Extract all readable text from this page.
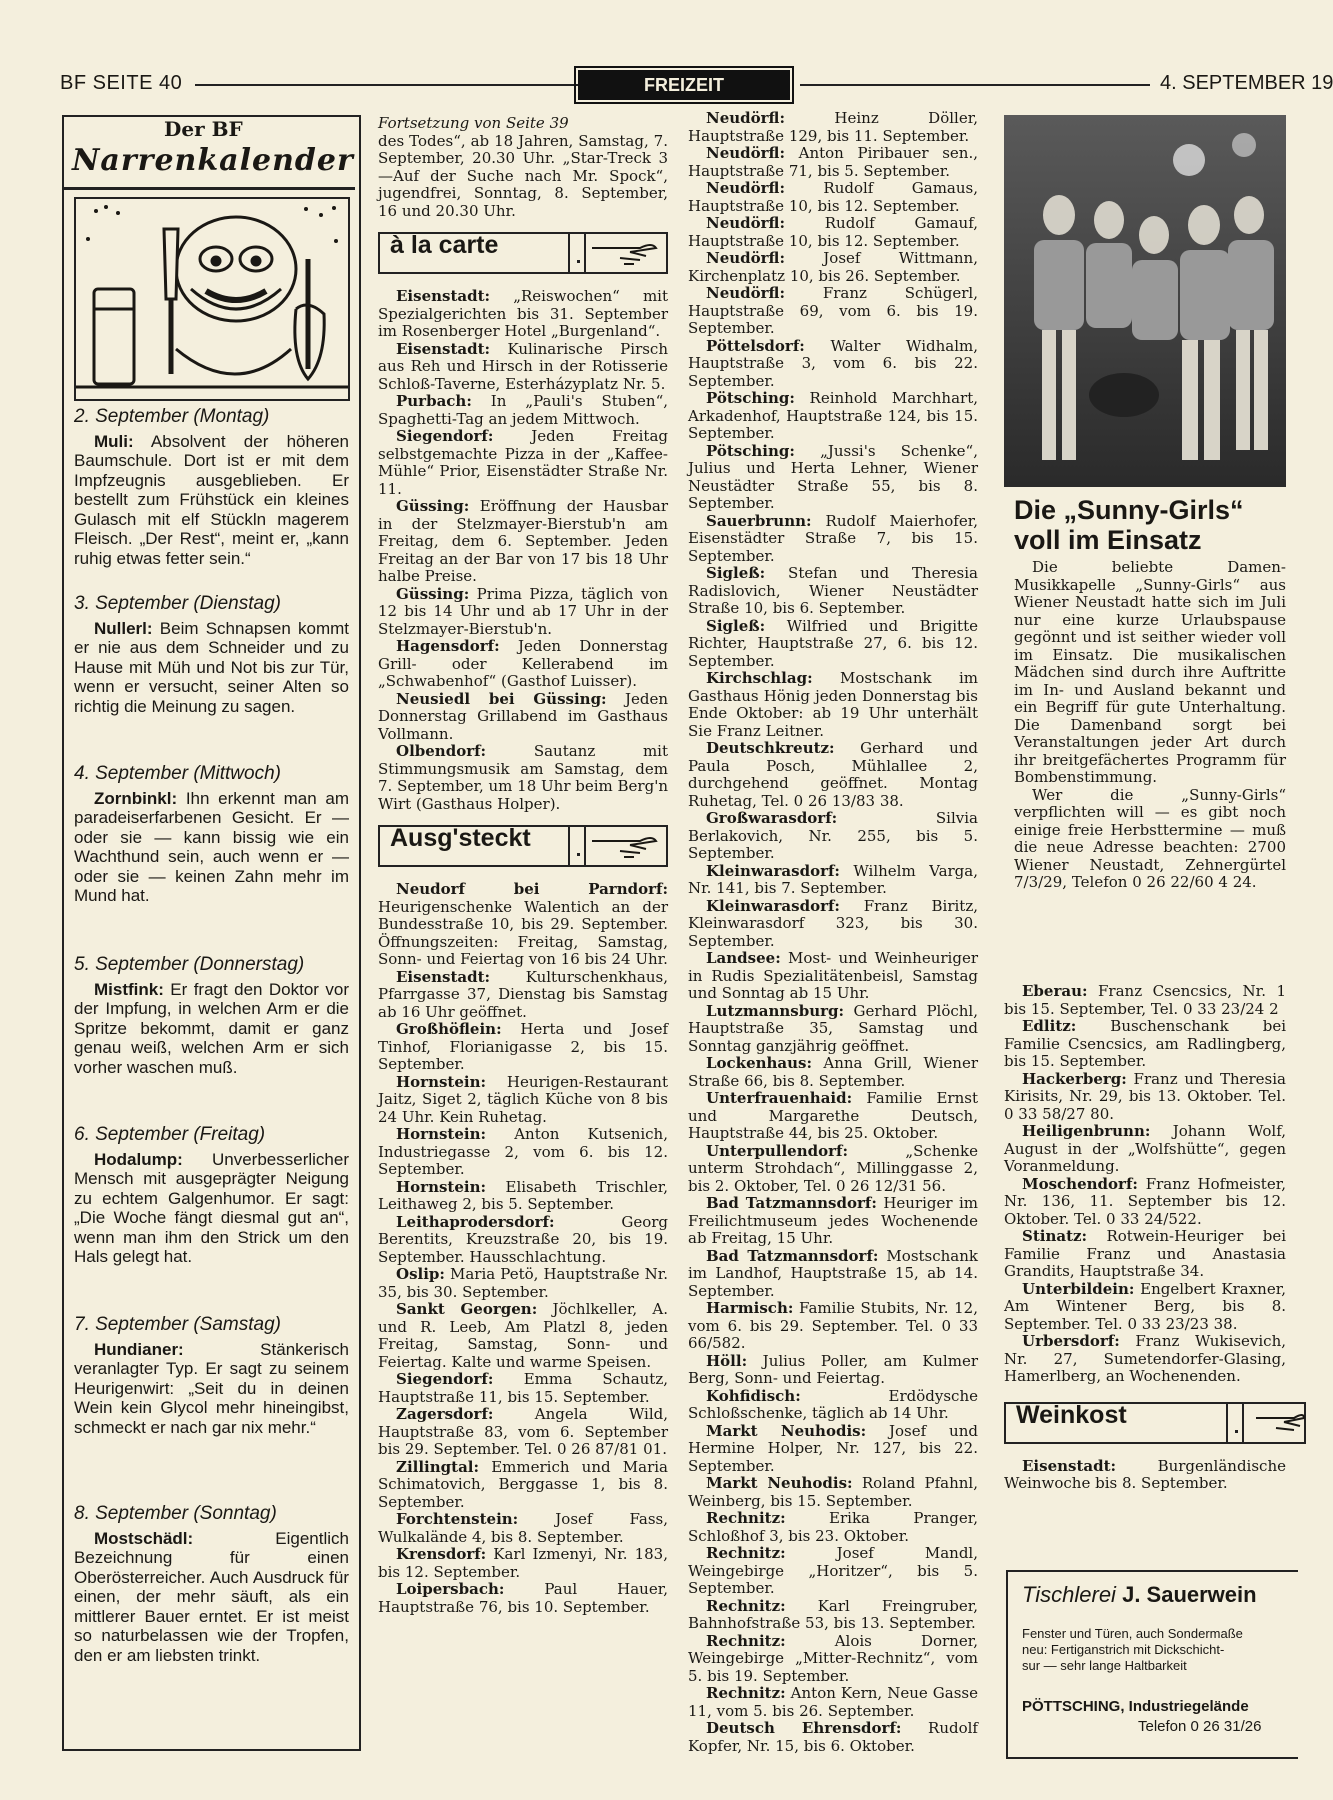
BF SEITE 40	FREIZEIT	4. SEPTEMBER 19
Der BF
Narrenkalender
2. September (Montag)

Muli: Absolvent der höheren Baumschule. Dort ist er mit dem Impfzeugnis ausgeblieben. Er bestellt zum Frühstück ein kleines Gulasch mit elf Stückln magerem Fleisch. „Der Rest“, meint er, „kann ruhig etwas fetter sein.“

3. September (Dienstag)

Nullerl: Beim Schnapsen kommt er nie aus dem Schneider und zu Hause mit Müh und Not bis zur Tür, wenn er versucht, seiner Alten so richtig die Meinung zu sagen.

4. September (Mittwoch)

Zornbinkl: Ihn erkennt man am paradeiserfarbenen Gesicht. Er — oder sie — kann bissig wie ein Wachthund sein, auch wenn er — oder sie — keinen Zahn mehr im Mund hat.

5. September (Donnerstag)

Mistfink: Er fragt den Doktor vor der Impfung, in welchen Arm er die Spritze bekommt, damit er ganz genau weiß, welchen Arm er sich vorher waschen muß.

6. September (Freitag)

Hodalump: Unverbesserlicher Mensch mit ausgeprägter Neigung zu echtem Galgenhumor. Er sagt: „Die Woche fängt diesmal gut an“, wenn man ihm den Strick um den Hals gelegt hat.

7. September (Samstag)

Hundianer: Stänkerisch veranlagter Typ. Er sagt zu seinem Heurigenwirt: „Seit du in deinen Wein kein Glycol mehr hineingibst, schmeckt er nach gar nix mehr.“

8. September (Sonntag)

Mostschädl: Eigentlich Bezeichnung für einen Oberösterreicher. Auch Ausdruck für einen, der mehr säuft, als ein mittlerer Bauer erntet. Er ist meist so naturbelassen wie der Tropfen, den er am liebsten trinkt.

Fortsetzung von Seite 39

des Todes“, ab 18 Jahren, Samstag, 7. September, 20.30 Uhr. „Star-Treck 3 —Auf der Suche nach Mr. Spock“, jugendfrei, Sonntag, 8. September, 16 und 20.30 Uhr.

à la carte

Eisenstadt: „Reiswochen“ mit Spezialgerichten bis 31. September im Rosenberger Hotel „Burgenland“.

Eisenstadt: Kulinarische Pirsch aus Reh und Hirsch in der Rotisserie Schloß-Taverne, Esterházyplatz Nr. 5.

Purbach: In „Pauli's Stuben“, Spaghetti-Tag an jedem Mittwoch.

Siegendorf: Jeden Freitag selbstgemachte Pizza in der „Kaffee-Mühle“ Prior, Eisenstädter Straße Nr. 11.

Güssing: Eröffnung der Hausbar in der Stelzmayer-Bierstub'n am Freitag, dem 6. September. Jeden Freitag an der Bar von 17 bis 18 Uhr halbe Preise.

Güssing: Prima Pizza, täglich von 12 bis 14 Uhr und ab 17 Uhr in der Stelzmayer-Bierstub'n.

Hagensdorf: Jeden Donnerstag Grill- oder Kellerabend im „Schwabenhof“ (Gasthof Luisser).

Neusiedl bei Güssing: Jeden Donnerstag Grillabend im Gasthaus Vollmann.

Olbendorf: Sautanz mit Stimmungsmusik am Samstag, dem 7. September, um 18 Uhr beim Berg'n Wirt (Gasthaus Holper).

Ausg'steckt

Neudorf bei Parndorf: Heurigenschenke Walentich an der Bundesstraße 10, bis 29. September. Öffnungszeiten: Freitag, Samstag, Sonn- und Feiertag von 16 bis 24 Uhr.

Eisenstadt: Kulturschenkhaus, Pfarrgasse 37, Dienstag bis Samstag ab 16 Uhr geöffnet.

Großhöflein: Herta und Josef Tinhof, Florianigasse 2, bis 15. September.

Hornstein: Heurigen-Restaurant Jaitz, Siget 2, täglich Küche von 8 bis 24 Uhr. Kein Ruhetag.

Hornstein: Anton Kutsenich, Industriegasse 2, vom 6. bis 12. September.

Hornstein: Elisabeth Trischler, Leithaweg 2, bis 5. September.

Leithaprodersdorf: Georg Berentits, Kreuzstraße 20, bis 19. September. Hausschlachtung.

Oslip: Maria Petö, Hauptstraße Nr. 35, bis 30. September.

Sankt Georgen: Jöchlkeller, A. und R. Leeb, Am Platzl 8, jeden Freitag, Samstag, Sonn- und Feiertag. Kalte und warme Speisen.

Siegendorf: Emma Schautz, Hauptstraße 11, bis 15. September.

Zagersdorf: Angela Wild, Hauptstraße 83, vom 6. September bis 29. September. Tel. 0 26 87/81 01.

Zillingtal: Emmerich und Maria Schimatovich, Berggasse 1, bis 8. September.

Forchtenstein: Josef Fass, Wulkalände 4, bis 8. September.

Krensdorf: Karl Izmenyi, Nr. 183, bis 12. September.

Loipersbach: Paul Hauer, Hauptstraße 76, bis 10. September.

Neudörfl: Heinz Döller, Hauptstraße 129, bis 11. September.

Neudörfl: Anton Piribauer sen., Hauptstraße 71, bis 5. September.

Neudörfl: Rudolf Gamaus, Hauptstraße 10, bis 12. September.

Neudörfl: Rudolf Gamauf, Hauptstraße 10, bis 12. September.

Neudörfl: Josef Wittmann, Kirchenplatz 10, bis 26. September.

Neudörfl: Franz Schügerl, Hauptstraße 69, vom 6. bis 19. September.

Pöttelsdorf: Walter Widhalm, Hauptstraße 3, vom 6. bis 22. September.

Pötsching: Reinhold Marchhart, Arkadenhof, Hauptstraße 124, bis 15. September.

Pötsching: „Jussi's Schenke“, Julius und Herta Lehner, Wiener Neustädter Straße 55, bis 8. September.

Sauerbrunn: Rudolf Maierhofer, Eisenstädter Straße 7, bis 15. September.

Sigleß: Stefan und Theresia Radislovich, Wiener Neustädter Straße 10, bis 6. September.

Sigleß: Wilfried und Brigitte Richter, Hauptstraße 27, 6. bis 12. September.

Kirchschlag: Mostschank im Gasthaus Hönig jeden Donnerstag bis Ende Oktober: ab 19 Uhr unterhält Sie Franz Leitner.

Deutschkreutz: Gerhard und Paula Posch, Mühlallee 2, durchgehend geöffnet. Montag Ruhetag, Tel. 0 26 13/83 38.

Großwarasdorf: Silvia Berlakovich, Nr. 255, bis 5. September.

Kleinwarasdorf: Wilhelm Varga, Nr. 141, bis 7. September.

Kleinwarasdorf: Franz Biritz, Kleinwarasdorf 323, bis 30. September.

Landsee: Most- und Weinheuriger in Rudis Spezialitätenbeisl, Samstag und Sonntag ab 15 Uhr.

Lutzmannsburg: Gerhard Plöchl, Hauptstraße 35, Samstag und Sonntag ganzjährig geöffnet.

Lockenhaus: Anna Grill, Wiener Straße 66, bis 8. September.

Unterfrauenhaid: Familie Ernst und Margarethe Deutsch, Hauptstraße 44, bis 25. Oktober.

Unterpullendorf: „Schenke unterm Strohdach“, Millinggasse 2, bis 2. Oktober, Tel. 0 26 12/31 56.

Bad Tatzmannsdorf: Heuriger im Freilichtmuseum jedes Wochenende ab Freitag, 15 Uhr.

Bad Tatzmannsdorf: Mostschank im Landhof, Hauptstraße 15, ab 14. September.

Harmisch: Familie Stubits, Nr. 12, vom 6. bis 29. September. Tel. 0 33 66/582.

Höll: Julius Poller, am Kulmer Berg, Sonn- und Feiertag.

Kohfidisch: Erdödysche Schloßschenke, täglich ab 14 Uhr.

Markt Neuhodis: Josef und Hermine Holper, Nr. 127, bis 22. September.

Markt Neuhodis: Roland Pfahnl, Weinberg, bis 15. September.

Rechnitz: Erika Pranger, Schloßhof 3, bis 23. Oktober.

Rechnitz: Josef Mandl, Weingebirge „Horitzer“, bis 5. September.

Rechnitz: Karl Freingruber, Bahnhofstraße 53, bis 13. September.

Rechnitz: Alois Dorner, Weingebirge „Mitter-Rechnitz“, vom 5. bis 19. September.

Rechnitz: Anton Kern, Neue Gasse 11, vom 5. bis 26. September.

Deutsch Ehrensdorf: Rudolf Kopfer, Nr. 15, bis 6. Oktober.

Die „Sunny-Girls“
voll im Einsatz

Die beliebte Damen-Musikkapelle „Sunny-Girls“ aus Wiener Neustadt hatte sich im Juli nur eine kurze Urlaubspause gegönnt und ist seither wieder voll im Einsatz. Die musikalischen Mädchen sind durch ihre Auftritte im In- und Ausland bekannt und ein Begriff für gute Unterhaltung. Die Damenband sorgt bei Veranstaltungen jeder Art durch ihr breitgefächertes Programm für Bombenstimmung.

Wer die „Sunny-Girls“ verpflichten will — es gibt noch einige freie Herbsttermine — muß die neue Adresse beachten: 2700 Wiener Neustadt, Zehnergürtel 7/3/29, Telefon 0 26 22/60 4 24.

Eberau: Franz Csencsics, Nr. 1 bis 15. September, Tel. 0 33 23/24 2

Edlitz: Buschenschank bei Familie Csencsics, am Radlingberg, bis 15. September.

Hackerberg: Franz und Theresia Kirisits, Nr. 29, bis 13. Oktober. Tel. 0 33 58/27 80.

Heiligenbrunn: Johann Wolf, August in der „Wolfshütte“, gegen Voranmeldung.

Moschendorf: Franz Hofmeister, Nr. 136, 11. September bis 12. Oktober. Tel. 0 33 24/522.

Stinatz: Rotwein-Heuriger bei Familie Franz und Anastasia Grandits, Hauptstraße 34.

Unterbildein: Engelbert Kraxner, Am Wintener Berg, bis 8. September. Tel. 0 33 23/23 38.

Urbersdorf: Franz Wukisevich, Nr. 27, Sumetendorfer-Glasing, Hamerlberg, an Wochenenden.

Weinkost

Eisenstadt: Burgenländische Weinwoche bis 8. September.

Tischlerei J. Sauerwein
Fenster und Türen, auch Sondermaße
neu: Fertiganstrich mit Dickschicht-
sur — sehr lange Haltbarkeit
PÖTTSCHING, Industriegelände
Telefon 0 26 31/26
